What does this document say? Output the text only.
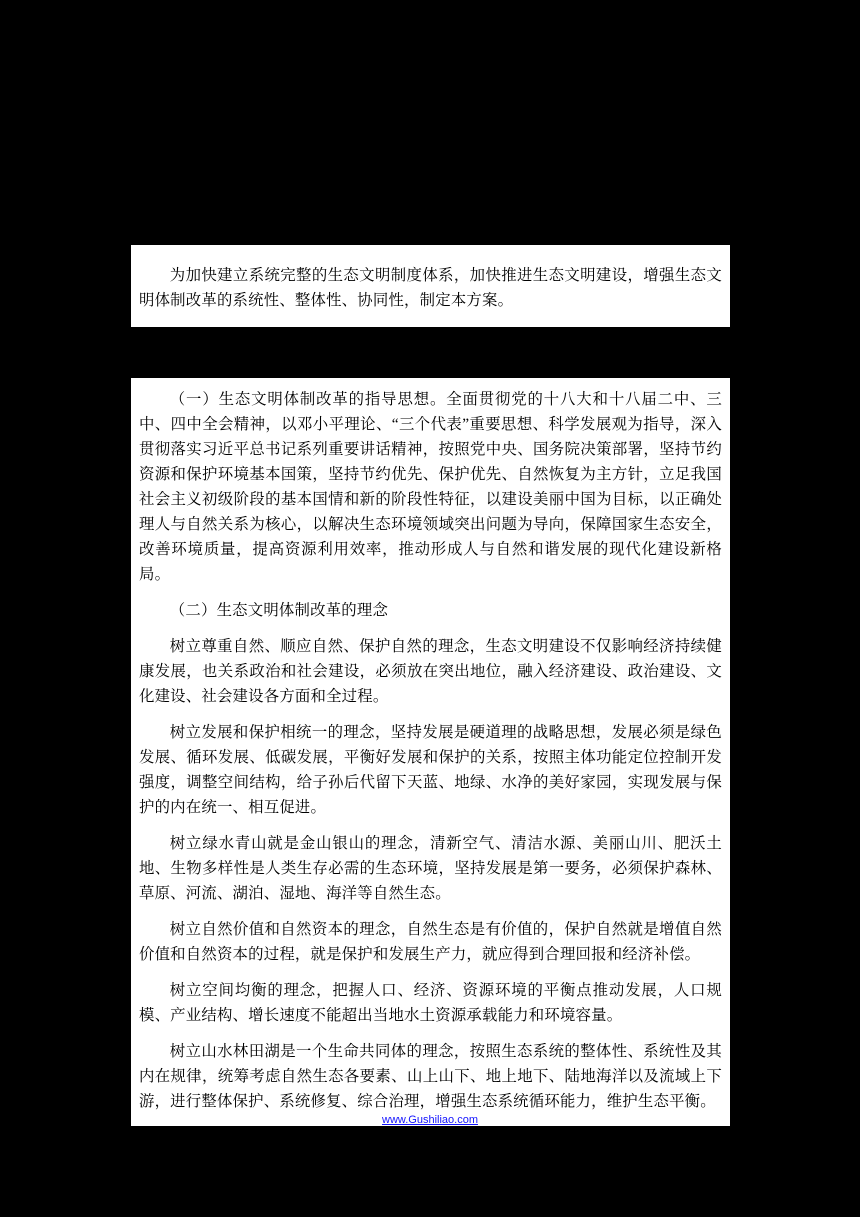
为加快建立系统完整的生态文明制度体系，加快推进生态文明建设，增强生态文明体制改革的系统性、整体性、协同性，制定本方案。

（一）生态文明体制改革的指导思想。全面贯彻党的十八大和十八届二中、三中、四中全会精神，以邓小平理论、“三个代表”重要思想、科学发展观为指导，深入贯彻落实习近平总书记系列重要讲话精神，按照党中央、国务院决策部署，坚持节约资源和保护环境基本国策，坚持节约优先、保护优先、自然恢复为主方针，立足我国社会主义初级阶段的基本国情和新的阶段性特征，以建设美丽中国为目标，以正确处理人与自然关系为核心，以解决生态环境领域突出问题为导向，保障国家生态安全，改善环境质量，提高资源利用效率，推动形成人与自然和谐发展的现代化建设新格局。

（二）生态文明体制改革的理念

树立尊重自然、顺应自然、保护自然的理念，生态文明建设不仅影响经济持续健康发展，也关系政治和社会建设，必须放在突出地位，融入经济建设、政治建设、文化建设、社会建设各方面和全过程。

树立发展和保护相统一的理念，坚持发展是硬道理的战略思想，发展必须是绿色发展、循环发展、低碳发展，平衡好发展和保护的关系，按照主体功能定位控制开发强度，调整空间结构，给子孙后代留下天蓝、地绿、水净的美好家园，实现发展与保护的内在统一、相互促进。

树立绿水青山就是金山银山的理念，清新空气、清洁水源、美丽山川、肥沃土地、生物多样性是人类生存必需的生态环境，坚持发展是第一要务，必须保护森林、草原、河流、湖泊、湿地、海洋等自然生态。

树立自然价值和自然资本的理念，自然生态是有价值的，保护自然就是增值自然价值和自然资本的过程，就是保护和发展生产力，就应得到合理回报和经济补偿。

树立空间均衡的理念，把握人口、经济、资源环境的平衡点推动发展，人口规模、产业结构、增长速度不能超出当地水土资源承载能力和环境容量。

树立山水林田湖是一个生命共同体的理念，按照生态系统的整体性、系统性及其内在规律，统筹考虑自然生态各要素、山上山下、地上地下、陆地海洋以及流域上下游，进行整体保护、系统修复、综合治理，增强生态系统循环能力，维护生态平衡。

www.Gushiliao.com
